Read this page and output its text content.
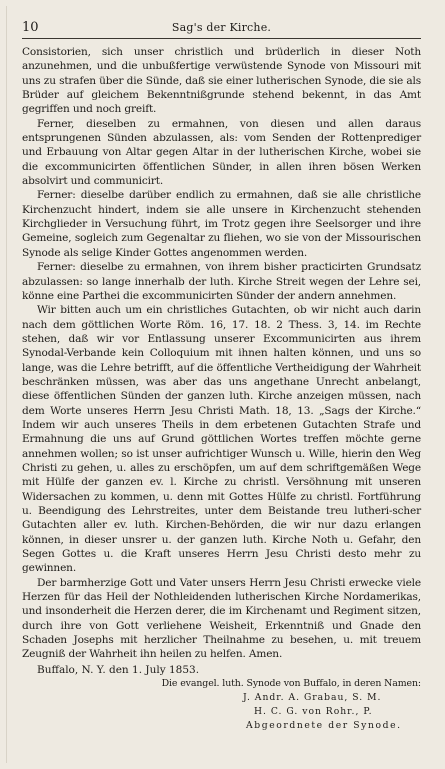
10	Sag's der Kirche.

Consistorien, sich unser christlich und brüderlich in dieser Noth anzunehmen, und die unbußfertige verwüstende Synode von Missouri mit uns zu strafen über die Sünde, daß sie einer lutherischen Synode, die sie als Brüder auf gleichem Bekenntnißgrunde stehend bekennt, in das Amt gegriffen und noch greift.

Ferner, dieselben zu ermahnen, von diesen und allen daraus entsprungenen Sünden abzulassen, als: vom Senden der Rottenprediger und Erbauung von Altar gegen Altar in der lutherischen Kirche, wobei sie die excommunicirten öffentlichen Sünder, in allen ihren bösen Werken absolvirt und communicirt.

Ferner: dieselbe darüber endlich zu ermahnen, daß sie alle christliche Kirchenzucht hindert, indem sie alle unsere in Kirchenzucht stehenden Kirchglieder in Versuchung führt, im Trotz gegen ihre Seelsorger und ihre Gemeine, sogleich zum Gegenaltar zu fliehen, wo sie von der Missourischen Synode als selige Kinder Gottes angenommen werden.

Ferner: dieselbe zu ermahnen, von ihrem bisher practicirten Grundsatz abzulassen: so lange innerhalb der luth. Kirche Streit wegen der Lehre sei, könne eine Parthei die excommunicirten Sünder der andern annehmen.

Wir bitten auch um ein christliches Gutachten, ob wir nicht auch darin nach dem göttlichen Worte Röm. 16, 17. 18. 2 Thess. 3, 14. im Rechte stehen, daß wir vor Entlassung unserer Excommunicirten aus ihrem Synodal-Verbande kein Colloquium mit ihnen halten können, und uns so lange, was die Lehre betrifft, auf die öffentliche Vertheidigung der Wahrheit beschränken müssen, was aber das uns angethane Unrecht anbelangt, diese öffentlichen Sünden der ganzen luth. Kirche anzeigen müssen, nach dem Worte unseres Herrn Jesu Christi Math. 18, 13. „Sags der Kirche.“ Indem wir auch unseres Theils in dem erbetenen Gutachten Strafe und Ermahnung die uns auf Grund göttlichen Wortes treffen möchte gerne annehmen wollen; so ist unser aufrichtiger Wunsch u. Wille, hierin den Weg Christi zu gehen, u. alles zu erschöpfen, um auf dem schriftgemäßen Wege mit Hülfe der ganzen ev. l. Kirche zu christl. Versöhnung mit unseren Widersachen zu kommen, u. denn mit Gottes Hülfe zu christl. Fortführung u. Beendigung des Lehrstreites, unter dem Beistande treu lutheri-scher Gutachten aller ev. luth. Kirchen-Behörden, die wir nur dazu erlangen können, in dieser unsrer u. der ganzen luth. Kirche Noth u. Gefahr, den Segen Gottes u. die Kraft unseres Herrn Jesu Christi desto mehr zu gewinnen.

Der barmherzige Gott und Vater unsers Herrn Jesu Christi erwecke viele Herzen für das Heil der Nothleidenden lutherischen Kirche Nordamerikas, und insonderheit die Herzen derer, die im Kirchenamt und Regiment sitzen, durch ihre von Gott verliehene Weisheit, Erkenntniß und Gnade den Schaden Josephs mit herzlicher Theilnahme zu besehen, u. mit treuem Zeugniß der Wahrheit ihn heilen zu helfen. Amen.

Buffalo, N. Y. den 1. July 1853.
Die evangel. luth. Synode von Buffalo, in deren Namen:
J. Andr. A. Grabau, S. M.
H. C. G. von Rohr., P.
Abgeordnete der Synode.
